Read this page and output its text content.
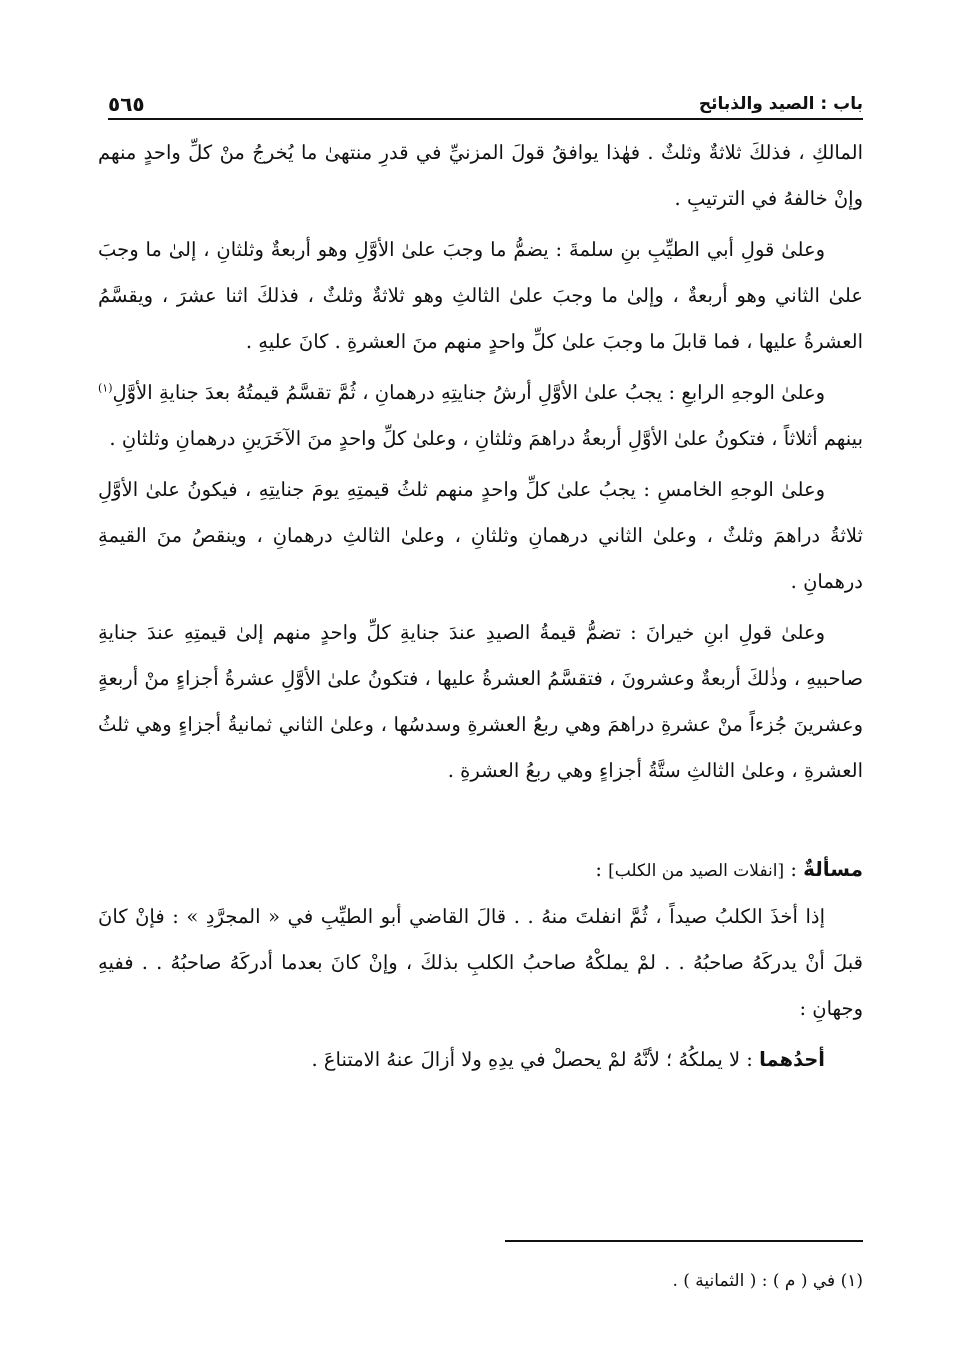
باب : الصيد والذبائح
٥٦٥

المالكِ ، فذلكَ ثلاثةٌ وثلثٌ . فهٰذا يوافقُ قولَ المزنيِّ في قدرِ منتهىٰ ما يُخرجُ منْ كلِّ واحدٍ منهم وإنْ خالفهُ في الترتيبِ .

وعلىٰ قولِ أبي الطيِّبِ بنِ سلمةَ : يضمُّ ما وجبَ علىٰ الأوَّلِ وهو أربعةٌ وثلثانِ ، إلىٰ ما وجبَ علىٰ الثاني وهو أربعةٌ ، وإلىٰ ما وجبَ علىٰ الثالثِ وهو ثلاثةٌ وثلثٌ ، فذلكَ اثنا عشرَ ، ويقسَّمُ العشرةُ عليها ، فما قابلَ ما وجبَ علىٰ كلِّ واحدٍ منهم منَ العشرةِ . كانَ عليهِ .

وعلىٰ الوجهِ الرابعِ : يجبُ علىٰ الأوَّلِ أرشُ جنايتِهِ درهمانِ ، ثُمَّ تقسَّمُ قيمتُهُ بعدَ جنايةِ الأوَّلِ$^{(١)}$ بينهم أثلاثاً ، فتكونُ علىٰ الأوَّلِ أربعةُ دراهمَ وثلثانِ ، وعلىٰ كلِّ واحدٍ منَ الآخَرَينِ درهمانِ وثلثانِ .

وعلىٰ الوجهِ الخامسِ : يجبُ علىٰ كلِّ واحدٍ منهم ثلثُ قيمتِهِ يومَ جنايتِهِ ، فيكونُ علىٰ الأوَّلِ ثلاثةُ دراهمَ وثلثٌ ، وعلىٰ الثاني درهمانِ وثلثانِ ، وعلىٰ الثالثِ درهمانِ ، وينقصُ منَ القيمةِ درهمانِ .

وعلىٰ قولِ ابنِ خيرانَ : تضمُّ قيمةُ الصيدِ عندَ جنايةِ كلِّ واحدٍ منهم إلىٰ قيمتِهِ عندَ جنايةِ صاحبيهِ ، وذٰلكَ أربعةٌ وعشرونَ ، فتقسَّمُ العشرةُ عليها ، فتكونُ علىٰ الأوَّلِ عشرةُ أجزاءٍ منْ أربعةٍ وعشرينَ جُزءاً منْ عشرةِ دراهمَ وهي ربعُ العشرةِ وسدسُها ، وعلىٰ الثاني ثمانيةُ أجزاءٍ وهي ثلثُ العشرةِ ، وعلىٰ الثالثِ ستَّةُ أجزاءٍ وهي ربعُ العشرةِ .

مسألةٌ : [انفلات الصيد من الكلب] :

إذا أخذَ الكلبُ صيداً ، ثُمَّ انفلتَ منهُ . . قالَ القاضي أبو الطيِّبِ في « المجرَّدِ » : فإنْ كانَ قبلَ أنْ يدركَهُ صاحبُهُ . . لمْ يملكْهُ صاحبُ الكلبِ بذلكَ ، وإنْ كانَ بعدما أدركَهُ صاحبُهُ . . ففيهِ وجهانِ :

أحدُهما : لا يملكُهُ ؛ لأنَّهُ لمْ يحصلْ في يدِهِ ولا أزالَ عنهُ الامتناعَ .

(١) في ( م ) : ( الثمانية ) .
